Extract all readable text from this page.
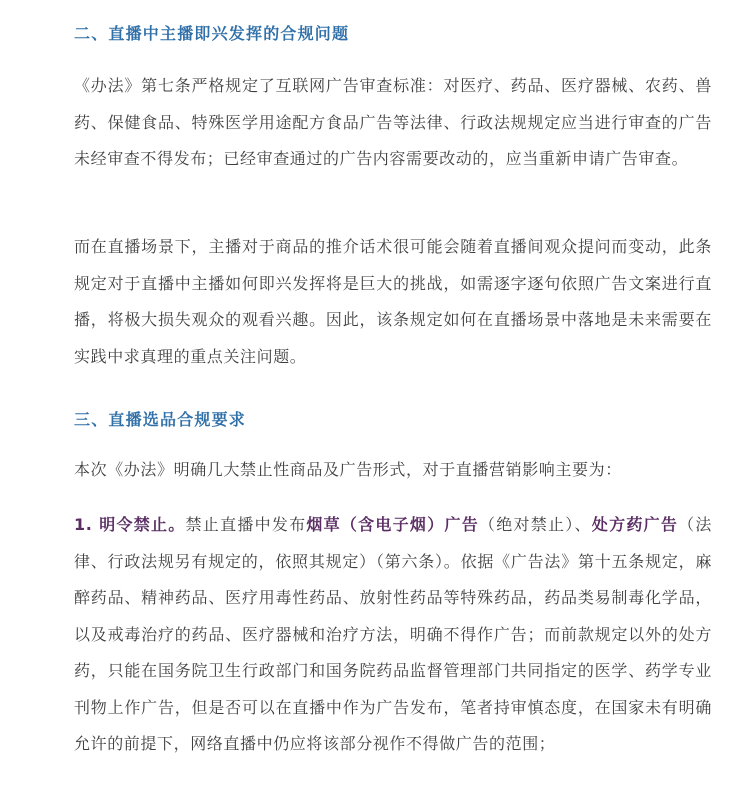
二、直播中主播即兴发挥的合规问题

《办法》第七条严格规定了互联网广告审查标准：对医疗、药品、医疗器械、农药、兽药、保健食品、特殊医学用途配方食品广告等法律、行政法规规定应当进行审查的广告未经审查不得发布；已经审查通过的广告内容需要改动的，应当重新申请广告审查。

而在直播场景下，主播对于商品的推介话术很可能会随着直播间观众提问而变动，此条规定对于直播中主播如何即兴发挥将是巨大的挑战，如需逐字逐句依照广告文案进行直播，将极大损失观众的观看兴趣。因此，该条规定如何在直播场景中落地是未来需要在实践中求真理的重点关注问题。

三、直播选品合规要求

本次《办法》明确几大禁止性商品及广告形式，对于直播营销影响主要为：

1. 明令禁止。禁止直播中发布烟草（含电子烟）广告（绝对禁止）、处方药广告（法律、行政法规另有规定的，依照其规定）（第六条）。依据《广告法》第十五条规定，麻醉药品、精神药品、医疗用毒性药品、放射性药品等特殊药品，药品类易制毒化学品，以及戒毒治疗的药品、医疗器械和治疗方法，明确不得作广告；而前款规定以外的处方药，只能在国务院卫生行政部门和国务院药品监督管理部门共同指定的医学、药学专业刊物上作广告，但是否可以在直播中作为广告发布，笔者持审慎态度，在国家未有明确允许的前提下，网络直播中仍应将该部分视作不得做广告的范围；
